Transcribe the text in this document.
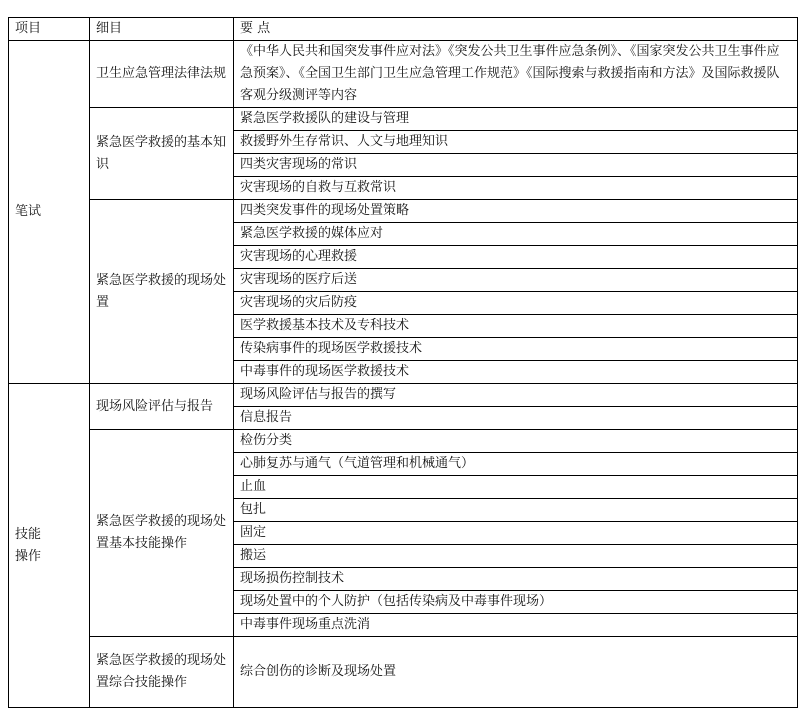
项目	细目	要 点
笔试	卫生应急管理法律法规	《中华人民共和国突发事件应对法》《突发公共卫生事件应急条例》、《国家突发公共卫生事件应急预案》、《全国卫生部门卫生应急管理工作规范》《国际搜索与救援指南和方法》及国际救援队客观分级测评等内容
	紧急医学救援的基本知识	紧急医学救援队的建设与管理
		救援野外生存常识、人文与地理知识
		四类灾害现场的常识
		灾害现场的自救与互救常识
	紧急医学救援的现场处置	四类突发事件的现场处置策略
		紧急医学救援的媒体应对
		灾害现场的心理救援
		灾害现场的医疗后送
		灾害现场的灾后防疫
		医学救援基本技术及专科技术
		传染病事件的现场医学救援技术
		中毒事件的现场医学救援技术

技能操作	现场风险评估与报告	现场风险评估与报告的撰写
		信息报告
	紧急医学救援的现场处置基本技能操作	检伤分类
		心肺复苏与通气（气道管理和机械通气）
		止血
		包扎
		固定
		搬运
		现场损伤控制技术
		现场处置中的个人防护（包括传染病及中毒事件现场）
		中毒事件现场重点洗消
	紧急医学救援的现场处置综合技能操作	综合创伤的诊断及现场处置
